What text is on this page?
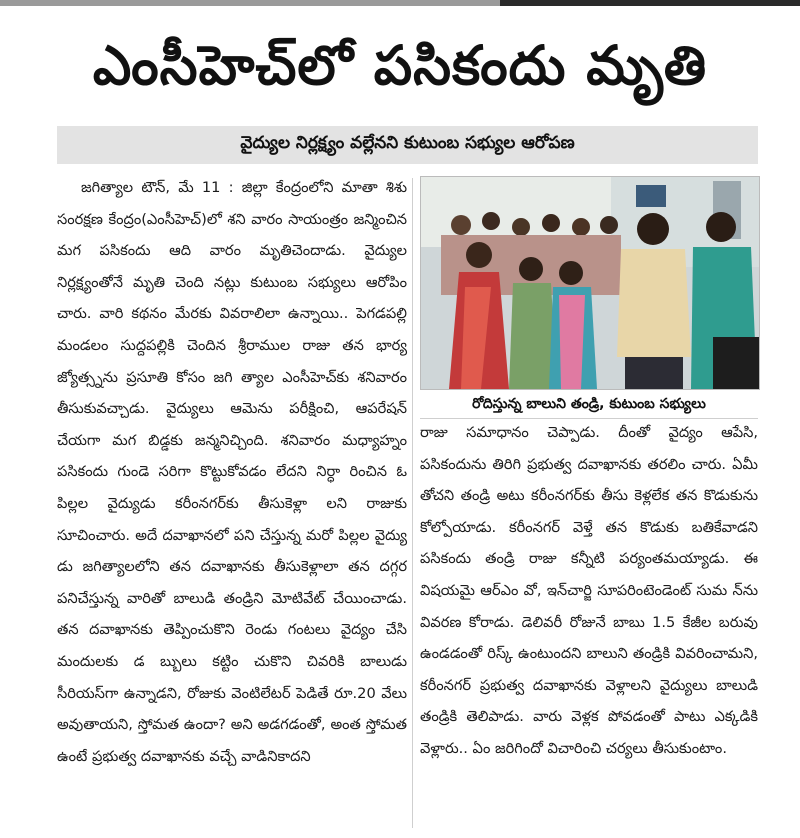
ఎంసీహెచ్‌లో పసికందు మృతి
వైద్యుల నిర్లక్ష్యం వల్లేనని కుటుంబ సభ్యుల ఆరోపణ
జగిత్యాల టౌన్, మే 11 : జిల్లా కేంద్రంలోని మాతా శిశు సంరక్షణ కేంద్రం(ఎంసీహెచ్)లో శని వారం సాయంత్రం జన్మించిన మగ పసికందు ఆది వారం మృతిచెందాడు. వైద్యుల నిర్లక్ష్యంతోనే మృతి చెంది నట్లు కుటుంబ సభ్యులు ఆరోపిం చారు. వారి కథనం మేరకు వివరాలిలా ఉన్నాయి.. పెగడపల్లి మండలం సుద్దపల్లికి చెందిన శ్రీరాముల రాజు తన భార్య జ్యోత్స్నను ప్రసూతి కోసం జగి త్యాల ఎంసీహెచ్‌కు శనివారం తీసుకువచ్చాడు. వైద్యులు ఆమెను పరీక్షించి, ఆపరేషన్ చేయగా మగ బిడ్డకు జన్మనిచ్చింది. శనివారం మధ్యాహ్నం పసికందు గుండె సరిగా కొట్టుకోవడం లేదని నిర్ధా రించిన ఓ పిల్లల వైద్యుడు కరీంనగర్‌కు తీసుకెళ్లా లని రాజుకు సూచించారు. అదే దవాఖానలో పని చేస్తున్న మరో పిల్లల వైద్యు డు జగిత్యాలలోని తన దవాఖానకు తీసుకెళ్లాలా తన దగ్గర పనిచేస్తున్న వారితో బాలుడి తండ్రిని మోటివేట్ చేయించాడు. తన దవాఖానకు తెప్పించుకొని రెండు గంటలు వైద్యం చేసి మందులకు డ బ్బులు కట్టిం చుకొని చివరికి బాలుడు సీరియస్‌గా ఉన్నాడని, రోజుకు వెంటిలేటర్ పెడితే రూ.20 వేలు అవుతాయని, స్తోమత ఉందా? అని అడగడంతో, అంత స్తోమత ఉంటే ప్రభుత్వ దవాఖానకు వచ్చే వాడినికాదని
రోదిస్తున్న బాలుని తండ్రి, కుటుంబ సభ్యులు
రాజు సమాధానం చెప్పాడు. దీంతో వైద్యం ఆపేసి, పసికందును తిరిగి ప్రభుత్వ దవాఖానకు తరలిం చారు. ఏమీ తోచని తండ్రి అటు కరీంనగర్‌కు తీసు కెళ్లలేక తన కొడుకును కోల్పోయాడు. కరీంనగర్ వెళ్తే తన కొడుకు బతికేవాడని పసికందు తండ్రి రాజు కన్నీటి పర్యంతమయ్యాడు. ఈ విషయమై ఆర్‌ఎం వో, ఇన్‌చార్జి సూపరింటెండెంట్ సుమ న్‌ను వివరణ కోరాడు. డెలివరీ రోజునే బాబు 1.5 కేజీల బరువు ఉండడంతో రిస్క్ ఉంటుందని బాలుని తండ్రికి వివరించామని, కరీంనగర్ ప్రభుత్వ దవాఖానకు వెళ్లాలని వైద్యులు బాలుడి తండ్రికి తెలిపాడు. వారు వెళ్లక పోవడంతో పాటు ఎక్కడికి వెళ్లారు.. ఏం జరిగిందో విచారించి చర్యలు తీసుకుంటాం.
